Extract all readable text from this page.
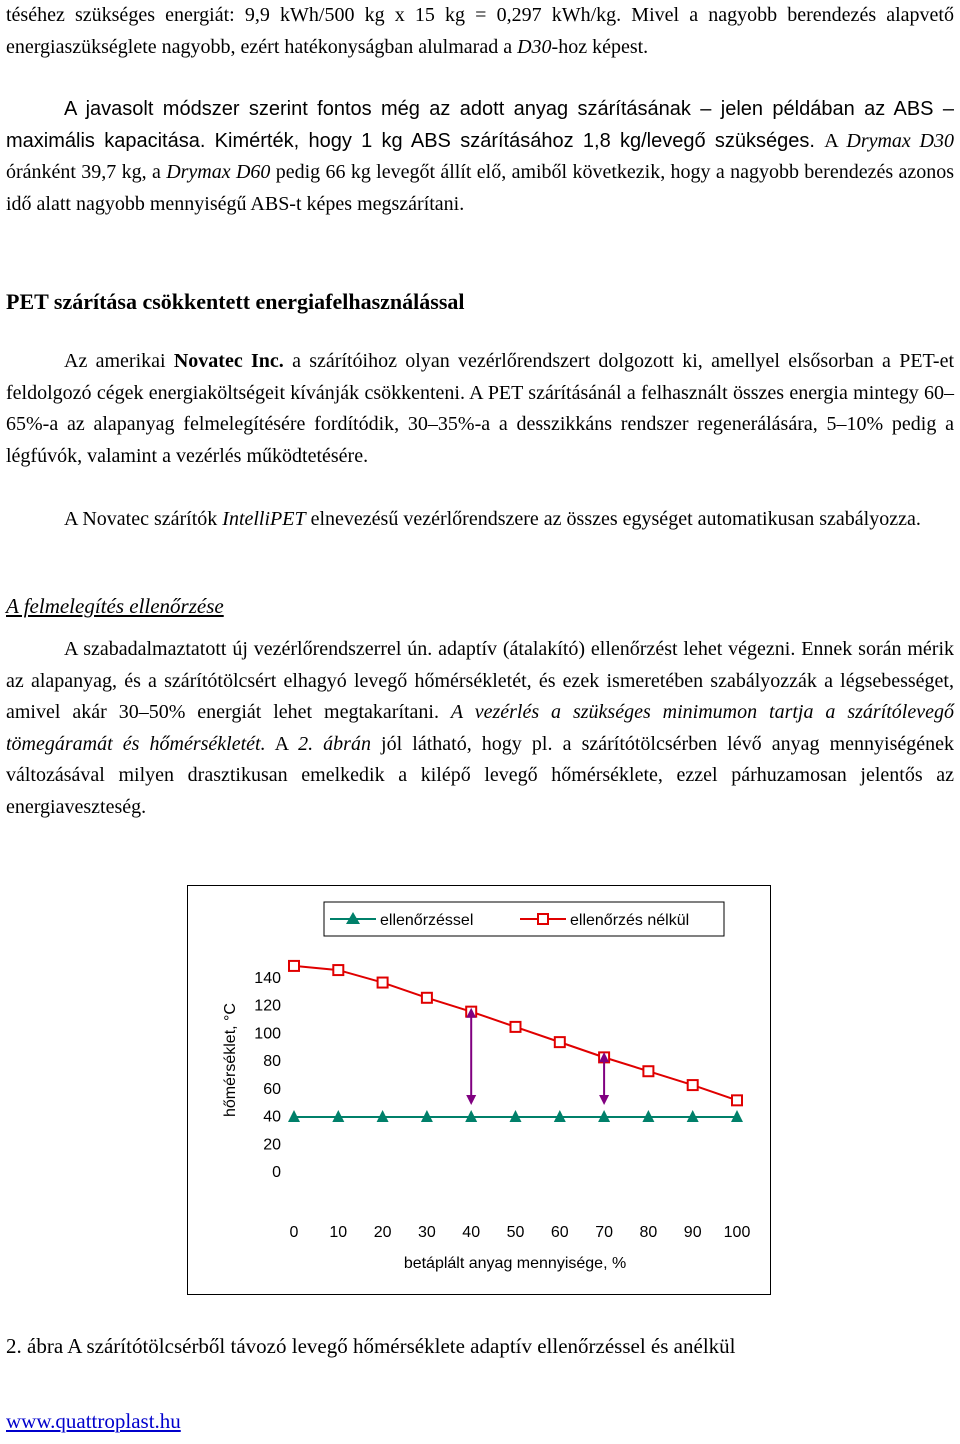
téséhez szükséges energiát: 9,9 kWh/500 kg x 15 kg = 0,297 kWh/kg. Mivel a nagyobb berendezés alapvető energiaszükséglete nagyobb, ezért hatékonyságban alulmarad a D30-hoz képest.

A javasolt módszer szerint fontos még az adott anyag szárításának – jelen példában az ABS – maximális kapacitása. Kimérték, hogy 1 kg ABS szárításához 1,8 kg/levegő szükséges. A Drymax D30 óránként 39,7 kg, a Drymax D60 pedig 66 kg levegőt állít elő, amiből következik, hogy a nagyobb berendezés azonos idő alatt nagyobb mennyiségű ABS-t képes megszárítani.

PET szárítása csökkentett energiafelhasználással

Az amerikai Novatec Inc. a szárítóihoz olyan vezérlőrendszert dolgozott ki, amellyel elsősorban a PET-et feldolgozó cégek energiaköltségeit kívánják csökkenteni. A PET szárításánál a felhasznált összes energia mintegy 60–65%-a az alapanyag felmelegítésére fordítódik, 30–35%-a a desszikkáns rendszer regenerálására, 5–10% pedig a légfúvók, valamint a vezérlés működtetésére.

A Novatec szárítók IntelliPET elnevezésű vezérlőrendszere az összes egységet automatikusan szabályozza.

A felmelegítés ellenőrzése

A szabadalmaztatott új vezérlőrendszerrel ún. adaptív (átalakító) ellenőrzést lehet végezni. Ennek során mérik az alapanyag, és a szárítótölcsért elhagyó levegő hőmérsékletét, és ezek ismeretében szabályozzák a légsebességet, amivel akár 30–50% energiát lehet megtakarítani. A vezérlés a szükséges minimumon tartja a szárítólevegő tömegáramát és hőmérsékletét. A 2. ábrán jól látható, hogy pl. a szárítótölcsérben lévő anyag mennyiségének változásával milyen drasztikusan emelkedik a kilépő levegő hőmérséklete, ezzel párhuzamosan jelentős az energiaveszteség.

0
20
40
60
80
100
120
140
0 10 20 30 40 50 60 70 80 90 100
betáplált anyag mennyisége, %
hőmérséklet, °C
ellenőrzéssel	ellenőrzés nélkül

2. ábra A szárítótölcsérből távozó levegő hőmérséklete adaptív ellenőrzéssel és anélkül

www.quattroplast.hu
